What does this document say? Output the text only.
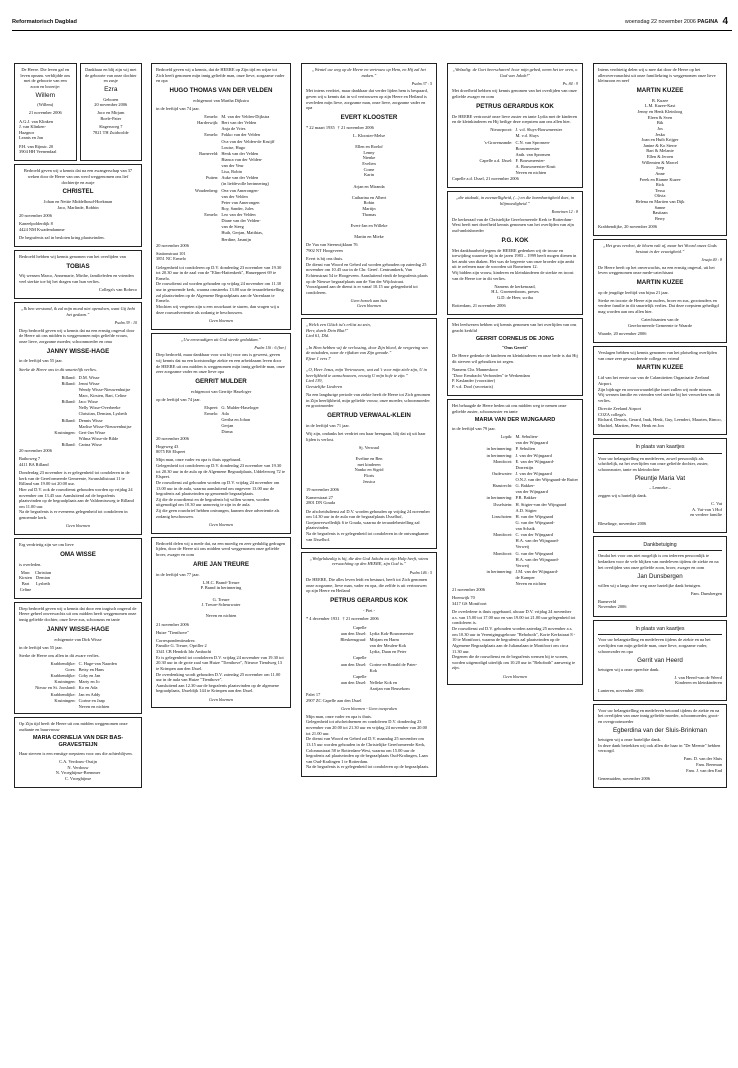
Reformatorisch Dagblad	woensdag 22 november 2006 PAGINA 4

De Heere. Die leven gaf en leven opnam. verblijdde ons met de geboorte van een zoon en broertje:

Willem

(Willem)

21 november 2006

A.G.J. van Klinken
J. van Klinken-
Hazgnor
Leanis en Jan

P.H. van Rijnstr. 20
3904 HH Veenendaal

Dankbaar en blij zijn wij met de geboorte van onze dochter en zusje

Ezra

Geboren
20 november 2006

Jaco en Mirjam
Boele-Pater

Slagersweg 7
7821 TH Zuidwolde

Bedroefd geven wij u kennis dat na een zwangerschap van 37 weken door de Heere van ons werd weggenomen ons lief dochtertje en zusje

CHRISTEL

Johan en Nettie Middelhoud-Hoekman
Jaco, Marlinde, Robbin

20 november 2006

Kaneelpolderdijk 8
4424 NM Kwadendamme

De begrafenis zal in besloten kring plaatsvinden.

Bedroefd hebben wij kennis genomen van het overlijden van

TOBIAS

Wij wensen Marco, Annemarie, Mirthe, familieleden en vrienden veel sterkte toe bij het dragen van hun verlies.

Collega's van Robeco

„Ik ben verstomd, ik zal mijn mond niet opendoen, want Gij hebt het gedaan.”

Psalm 39 : 10

Diep bedroefd geven wij u kennis dat na een ernstig ongeval door de Heere uit ons midden is weggenomen mijn geliefde vrouw, onze lieve, zorgzame moeder, schoonmoeder en oma

JANNY WISSE-HAGE

in de leeftijd van 55 jaar.

Sterke de Heere ons in dit smartelijk verlies.

Rilland: D.M. Wisse
Rilland: Jenni Wisse
Wendy Wisse-Nieuwenhuijse
Marc, Kirsten, Bart, Celine
Rilland: Jaco Wisse
Nelly Wisse-Overbeeke
Christian, Demian, Lysbeth
Rilland: Dennis Wisse
Marlise Wisse-Nieuwenhuijse
Kruiningen: Gert-Jan Wisse
Wilma Wisse-de Bilde
Rilland: Carina Wisse

20 november 2006

Bathoweg 7
4411 BA Rilland

Donderdag 23 november is er gelegenheid tot condoleren in de kerk van de Gereformeerde Gemeente, Swanshiltstraat 11 te Rilland van 19.00 tot 20.00 uur.
Hier zal D.V. ook de rouwdienst gehouden worden op vrijdag 24 november om 13.45 uur. Aansluitend zal de begrafenis plaatsvinden op de begraafplaats aan de Valdomissweg te Rilland om 11.00 uur.
Na de begrafenis is er eveneens gelegenheid tot condoleren in genoemde kerk.

Geen bloemen

Erg verdrietig zijn we om lieve

OMA WISSE

is overleden.

Marc
Kirsten
Bart
Celine

Christian
Demian
Lysbeth

Diep bedroefd geven wij u kennis dat door een tragisch ongeval de Heere geheel onverwachts uit ons midden heeft weggenomen onze innig geliefde dochter, onze lieve zus, schoonzus en tante

JANNY WISSE-HAGE

echtgenote van Dirk Wisse

in de leeftijd van 55 jaar.

Sterke de Heere ons allen in dit zware verlies.

Krabbendijke: C. Hage-van Naarden
Goes: Betsy en Hans
Krabbendijke: Coby en Jan
Kruiningen: Marty en Jo
Nieuw en St. Joosland: Ko en Ada
Krabbendijke: Jan en Addy
Kruiningen: Corine en Jaap
Neven en nichten

Op Zijn tijd heeft de Heere uit ons midden weggenomen onze oudtante en buurvrouw

MARIA CORNELIA VAN DER BAS-GRAVESTEIJN

Haar sterven is een ernstige roepstem voor ons die achterblijven.

C.A. Verdouw-Ossijn
N. Verdouw
N. Vroeghijnse-Bremmer
C. Vroeghijnse

Bedroefd geven wij u kennis, dat de HEERE op Zijn tijd en wijze tot Zich heeft genomen mijn innig geliefde man, onze lieve, zorgzame vader en opa

HUGO THOMAS VAN DER VELDEN

echtgenoot van Martha Dijkstra

in de leeftijd van 74 jaar.

Ermelo: M. van der Velden-Dijkstra
Harderwijk: Bert van der Velden
Anja de Vries
Ermelo: Fokko van der Velden
Oca van der Velden-de Kruijff
Louise, Hugo
Barneveld: Henk van der Velden
Bianca van der Velden-
van der Veur
Lisa, Robin
Putten: Auke van der Velden
(in liefdevolle herinnering)
Woudenberg: Oea van Amerongen-
van der Velden
Peter van Amerongen
Roy, Sander, Jules
Ermelo: Leo van der Velden
Diane van der Velden-
van de Steeg
Huib, Gerjan, Matthias,
Berdine, Jasmijn

20 november 2006

Stationstraat 101
3851 NC Ermelo

Gelegenheid tot condoleren op D.V. donderdag 23 november van 19.30 tot 20.30 uur in de zaal van de "Elim-Hattenkerk", Hanzeppeet 69 te Ermelo.
De rouwdienst zal worden gehouden op vrijdag 24 november om 11.30 uur in genoemde kerk, waarna omstreeks 13.00 uur de teraardebestelling zal plaatsvinden op de Algemene Begraafplaats aan de Varenlaan te Ermelo.
Mochten wij vergeten zijn u een rouwkaart te sturen, dan vragen wij u deze rouwadvertentie als zodanig te beschouwen.

Geen bloemen

„Uw eenvoudigen uit God steede geduldam.”

Psalm 116 : 6 (ber.)

Diep bedroefd, maar dankbaar voor wat hij voor ons is geweest, geven wij kennis dat na een kortstondige ziekte en een arbeidzaam leven door de HEERE uit ons midden is weggenomen mijn innig geliefde man, onze zeer zorgzame vader en onze lieve opa

GERRIT MULDER

echtgenoot van Gerritje Haseloger

op de leeftijd van 74 jaar.

Elspeet: G. Mulder-Haseloger
Ermelo: Ada
Gertha en Johan
Gerjan
Dirma

20 november 2006

Hogeweg 43
8075 BS Elspeet

Mijn man, onze vader en opa is thuis opgebaard.
Gelegenheid tot condoleren op D.V. donderdag 23 november van 19.30 tot 20.30 uur in de aula op de Algemene Begraafplaats, Uddelerweg 72 te Elspeet.
De rouwdienst zal gehouden worden op D.V. vrijdag 24 november om 13.00 uur in de aula, waarna aansluitend om ongeveer 13.00 uur de begrafenis zal plaatsvinden op genoemde begraafplaats.
Zij die de rouwdienst en de begrafenis bij willen wonen, worden uitgenodigd om 10.30 uur aanwezig te zijn in de aula.
Zij die geen rouwbrief hebben ontvangen, kunnen deze advertentie als zodanig beschouwen.

Geen bloemen

Bedroefd delen wij u mede dat, na een moedig en zeer geduldig gedragen lijden, door de Heere uit ons midden werd weggenomen onze geliefde broer, zwager en oom

ARIE JAN TREURE

in de leeftijd van 77 jaar.

L.H.C. Brand-Treure
P. Brand in herinnering

G. Treure
J. Treure-Scheurwater

Neven en nichten

21 november 2006

Huize "Tienthove"

Correspondentieadres:
Familie G. Treure, Opriller 2
3341 CB Hendrik Ido Ambacht
Er is gelegenheid tot condoleren D.V. vrijdag 24 november van 19.30 tot 20.30 uur in de grote zaal van Huize "Tienthove", Nieuwe Tiendweg 13 te Krimpen aan den IJssel.
De overdenking wordt gehouden D.V. zaterdag 25 november om 11.00 uur in de aula van Huize "Tienthove".
Aansluitend aan 12.30 uur de begrafenis plaatsvinden op de algemene begraafplaats, IJsseldijk 144 te Krimpen aan den IJssel.

Geen bloemen

„Wentel uw weg op de Heere en vertrouw op Hem, en Hij zal het maken.”

Psalm 37 : 5

Met intens verdriet, maar dankbaar dat verder lijden hem is bespaard, geven wij u kennis dat in vol vertrouwen op zijn Heere en Heiland is overleden mijn lieve, zorgzame man, onze lieve, zorgzame vader en opa

EVERT KLOOSTER

* 22 maart 1935 † 21 november 2006

L. Klooster-Melse

Ellen en Roelof
Lenny
Nienke
Evelien
Corne
Karin

Arjan en Miranda

Catharina en Albert
Robin
Martijn
Thomas

Evert-Jan en Willeke

Martin en Mieke

De Vaa van Steenwijklaan 76
7902 NT Hoogeveen

Evert is bij ons thuis.
De dienst van Woord en Gebed zal worden gehouden op zaterdag 25 november om 10.45 uur in de Chr. Geref. Centrumkerk, Van Echtenstraat 54 te Hoogeveen. Aansluitend vindt de begrafenis plaats op de Nieuwe begraafplaats aan de Van der Wijckstraat.
Voorafgaand aan de dienst is er vanaf 10.15 uur gelegenheid tot condoleren.

Geen bezoek aan huis
Geen bloemen

„Welck een Glück ist's erlöst zu sein,
Herr, durch Dein Blut!”
Lied 61, Dld.

„In Hem hebben wij de verlossing, door Zijn bloed, de vergeving van de misdaden, naar de rijkdom van Zijn genade.”
Efeze 1 vers 7

„O, Heer Jezus, mijn Vertrouwen, wat zal 't voor mijn ziele zijn, U in heerlijkheid te aanschouwen, eeuwig U mijn hofe te zijn.”
Lied 139,
Geestelijke Liederen

Na een langdurige periode van ziekte heeft de Heere tot Zich genomen in Zijn heerlijkheid, mijn geliefde vrouw, onze moeder, schoonmoeder en grootmoeder

GERTRUD VERWAAL-KLEIN

in de leeftijd van 71 jaar.

Wij zijn, ondanks het verdriet om haar heengaan, blij dat zij uit haar lijden is verlost.

Sj. Verwaal

Eveline en Ben
met kinderen
Nanko en Sigrid
Floris
Jessica

19 november 2006

Kamerstraat 27
2801 DN Gouda

De afscheidsdienst zal D.V. worden gehouden op vrijdag 24 november om 14.30 uur in de aula van de begraafplaats IJsselhof, Goejanverwelledijk 6 te Gouda, waarna de teraardebestelling zal plaatsvinden.
Na de begrafenis is er gelegenheid tot condoleren in de ontvangkamer van IJsselhof.

„Welgelukzalig is hij, die den God Jakobs tot zijn Hulp heeft, wiens verwachting op den HEERE, zijn God is.”

Psalm 146 : 5

De HEERE, Die alles leven leidt en bestuurt, heeft tot Zich genomen onze zorgzame, lieve man, vader en opa, die zelfde is uit vertrouwen op zijn Heere en Heiland

PETRUS GERARDUS KOK

- Piet -

* 4 december 1931 † 21 november 2006

Capelle
aan den IJssel: Lydia Kok-Bouwmeester
Bleskensgraaf: Mirjam en Harm
van der Meulen-Kok
Lydia, Daan en Peter
Capelle
aan den IJssel: Corine en Ronald de Pater-
Kok
Capelle
aan den IJssel: Nelleke Kok en
Aartjan van Beusekom

Palet 17
2907 ZC Capelle aan den IJssel

Geen bloemen - Geen toespraken

Mijn man, onze vader en opa is thuis.
Gelegenheid tot afscheidnemen en condoleren D.V. donderdag 23 november van 20.00 tot 21.30 uur en vrijdag 24 november van 20.00 tot 21.00 uur.
De dienst van Woord en Gebed zal D.V. maandag 25 november om 13.15 uur worden gehouden in de Christelijke Gereformeerde Kerk, Colonnastraat 58 te Rotterdam-West, waarna om 15.00 uur de begrafenis zal plaatsvinden op de begraafplaats Oud-Kralingen, Laan van Oud-Kralingen 1 te Rotterdam.
Na de begrafenis is er gelegenheid tot condoleren op de begraafplaats.

„Welzalig: de Gort heerscharen! hoor mijn gebed, neem het ter oren, o God van Jakob!”

Ps. 84 : 9

Met droefheid hebben wij kennis genomen van het overlijden van onze geliefde zwager en oom

PETRUS GERARDUS KOK

De HEERE vertroosté onze lieve zuster en tante Lydia met de kinderen en de kleinkinderen en Hij heilige deze roepstem aan ons allen hier.

Nieuwpoort: J. v.d. Sluys-Bouwmeester
M. v.d. Sluys
's-Gravenzande: C.N. van Spronsen-
Bouwmeester
Anth. van Spronsen
Capelle a.d. IJssel: F. Bouwmeester-
A. Bouwmeester-Kruit
Neven en nichten

Capelle a.d. IJssel, 21 november 2006

„die uitdaalt, in zwenzelligheid, (...) en die barmhartigheid doet, in blijmoedigheid.”

Romeinen 12 : 8

De kerkeraad van de Christelijke Gereformeerde Kerk te Rotterdam-West heeft met droefheid kennis genomen van het overlijden van zijn oud-ambtsbroeder

P.G. KOK

Met dankbaarheid jegens de HEERE gedenken wij de trouw en toewijding waarmee hij in de jaren 1983 – 1999 heeft mogen dienen in het ambt van diaken. Het was de begeerte van onze broeder zijn ambt uit te oefenen naar de woorden uit Romeinen 12.
Wij bidden zijn vrouw, kinderen en kleinkinderen de sterkte en troost van de Heere toe in dit verlies.

Namens de kerkenraad,
H.L. Groenenboom, preses
G.D. de Heer, scriba

Rotterdam, 21 november 2006

Met leedwezen hebben wij kennis genomen van het overlijden van ons geacht kerklid

GERRIT CORNELIS DE JONG

"Oms Gerrit"

De Heere gedenke de kinderen en kleinkinderen en onze bede is dat Hij dit sterven wil gebruiken tot zegen.

Namens Chr. Manneskoor
"Door Eendracht Verbonden" te Werkendam
P. Kaslander (voorzitter)
P. v.d. Dool (secretaris)

Het behaagde de Heere heden uit ons midden weg te nemen onze geliefde zuster, schoonzuster en tante

MARIA VAN DER WIJNGAARD

in de leeftijd van 79 jaar.

Lopik: M. Sebulten-
van der Wijngaard
in herinnering: P. Sebulten
in herinnering: J. van der Wijngaard
Montfoort: E. van der Wijngaard-
Dorrestijn
Oudewater: J. van der Wijngaard
O.N.J. van der Wijngaard-de Ruiter
Haastrecht: G. Bakker-
van der Wijngaard
in herinnering: P.B. Bakker
IJsselstein: H. Stigter-van der Wijngaard
A.D. Stigter
Linschoten: H. van der Wijngaard
G. van der Wijngaard-
van Schaik
Montfoort: C. van der Wijngaard
H.A. van der Wijngaard-
Verweij
Montfoort: G. van der Wijngaard
H.A. van der Wijngaard-
Verweij
in herinnering: J.M. van der Wijngaard-
de Kamper
Neven en nichten

21 november 2006

Hoenwijk 70
3417 GS Montfoort

De overledene is thuis opgebaard, alwaar D.V. vrijdag 24 november a.s. van 15.00 tot 17.00 uur en van 19.00 tot 21.00 uur gelegenheid tot condoleren is.
De rouwdienst zal D.V. gehouden worden zaterdag 25 november a.s. om 10.30 uur in Verenigingsgebouw "Rehoboth", Korte Kerkstraat 8 - 10 te Montfoort, waarna de begrafenis zal plaatsvinden op de Algemene Begraafplaats aan de Julianalaan te Montfoort om circa 11.30 uur.
Degenen die de rouwdienst en de begrafenis wensen bij te wonen, worden uitgenodigd uiterlijk om 10.20 uur in "Rehoboth" aanwezig te zijn.

Geen bloemen

Intens verdrietig delen wij u mee dat door de Heere op het allerovervanachtst uit onze familiekring is weggenomen onze lieve kleinzoon en neef

MARTIN KUZEE

B. Kuzee
L.M. Kuzee-Kast
Jenny en Henk Kleinloog
Eleen & Sven
Bik
Jos
Jeska
Joan en Huib Krijger
Janine & Ko Sterre
Bart & Melanie
Ellen & Jeroen
Willemien & Marcel
Joep
Anne
Freek en Rianne Kuzee
Rick
Tessa
Olivia
Helena en Martien van Dijk
Sanne
Bastiaan
Berry

Krabbendijke, 20 november 2006

„Het gras verdort, de bloem valt af, maar het Woord onzes Gods bestaat in der eeuwigheid.”

Jesaja 40 : 8

De Heere heeft op het onverwachts, na een ernstig ongeval, uit het leven weggenomen onze mede-catechisant

MARTIN KUZEE

op de jeugdige leeftijd van bijna 21 jaar.

Sterke en trooste de Heere zijn ouders, broer en zus, grootouders en verdere familie in dit smartelijk verlies. Dat deze roepstem geheiligd mag worden aan ons allen hier.

Catechisanten van de
Gereformeerde Gemeente te Waarde

Waarde, 20 november 2006

Verslagen hebben wij kennis genomen van het plotseling overlijden van onze zeer gewaardeerde collega en vriend

MARTIN KUZEE

Lid van het eerste uur van de Calamiteiten Organisatie Zeeland Airport.
Zijn bijdrage en onvoorwaardelijke inzet zullen wij node missen.
Wij wensen familie en vrienden veel sterkte bij het verwerken van dit verlies.

Directie Zeeland Airport
COZA collega's
Richard, Dennis, Gerard, Inak, Henk, Guy, Leendert, Maarten, Rimco, Machiel, Martien, Peter, Henk en Jon

In plaats van kaartjes

Voor uw belangstelling en medeleven, zowel persoonlijk als schriftelijk, na het overlijden van onze geliefde dochter, zuster, schoonzuster, tante en kleindochter

Pleuntje Maria Vat

– Lenneke –

zeggen wij u hartelijk dank.

C. Vat
A. Vat-van 't Hof
en verdere familie

Bleselinge, november 2006

Dankbetuiging

Omdat het voor ons niet mogelijk is om iedereen persoonlijk te bedanken voor de vele blijken van medeleven tijdens de ziekte en na het overlijden van onze geliefde zoon, broer, zwager en oom

Jan Dunsbergen

willen wij u langs deze weg onze hartelijke dank betuigen.

Fam. Dunsbergen

Barneveld
November 2006

In plaats van kaartjes

Voor uw belangstelling en medeleven tijdens de ziekte en na het overlijden van mijn geliefde man, onze lieve, zorgzame vader, schoonvader en opa

Gerrit van Heerd

betuigen wij u onze oprechte dank.

J. van Heerd-van de Weerd
Kinderen en kleinkinderen

Lunteren, november 2006

Voor uw belangstelling en medeleven betoond tijdens de ziekte en na het overlijden van onze innig geliefde moeder, schoonmoeder, groot- en overgrootmoeder

Egberdina van der Sluis-Brinkman

betuigen wij u onze hartelijke dank.
In deze dank betrekken wij ook allen die haar in "De Meente" hebben verzorgd.

Fam. D. van der Sluis
Fam. Beerman
Fam. J. van den End

Genemuiden, november 2006
